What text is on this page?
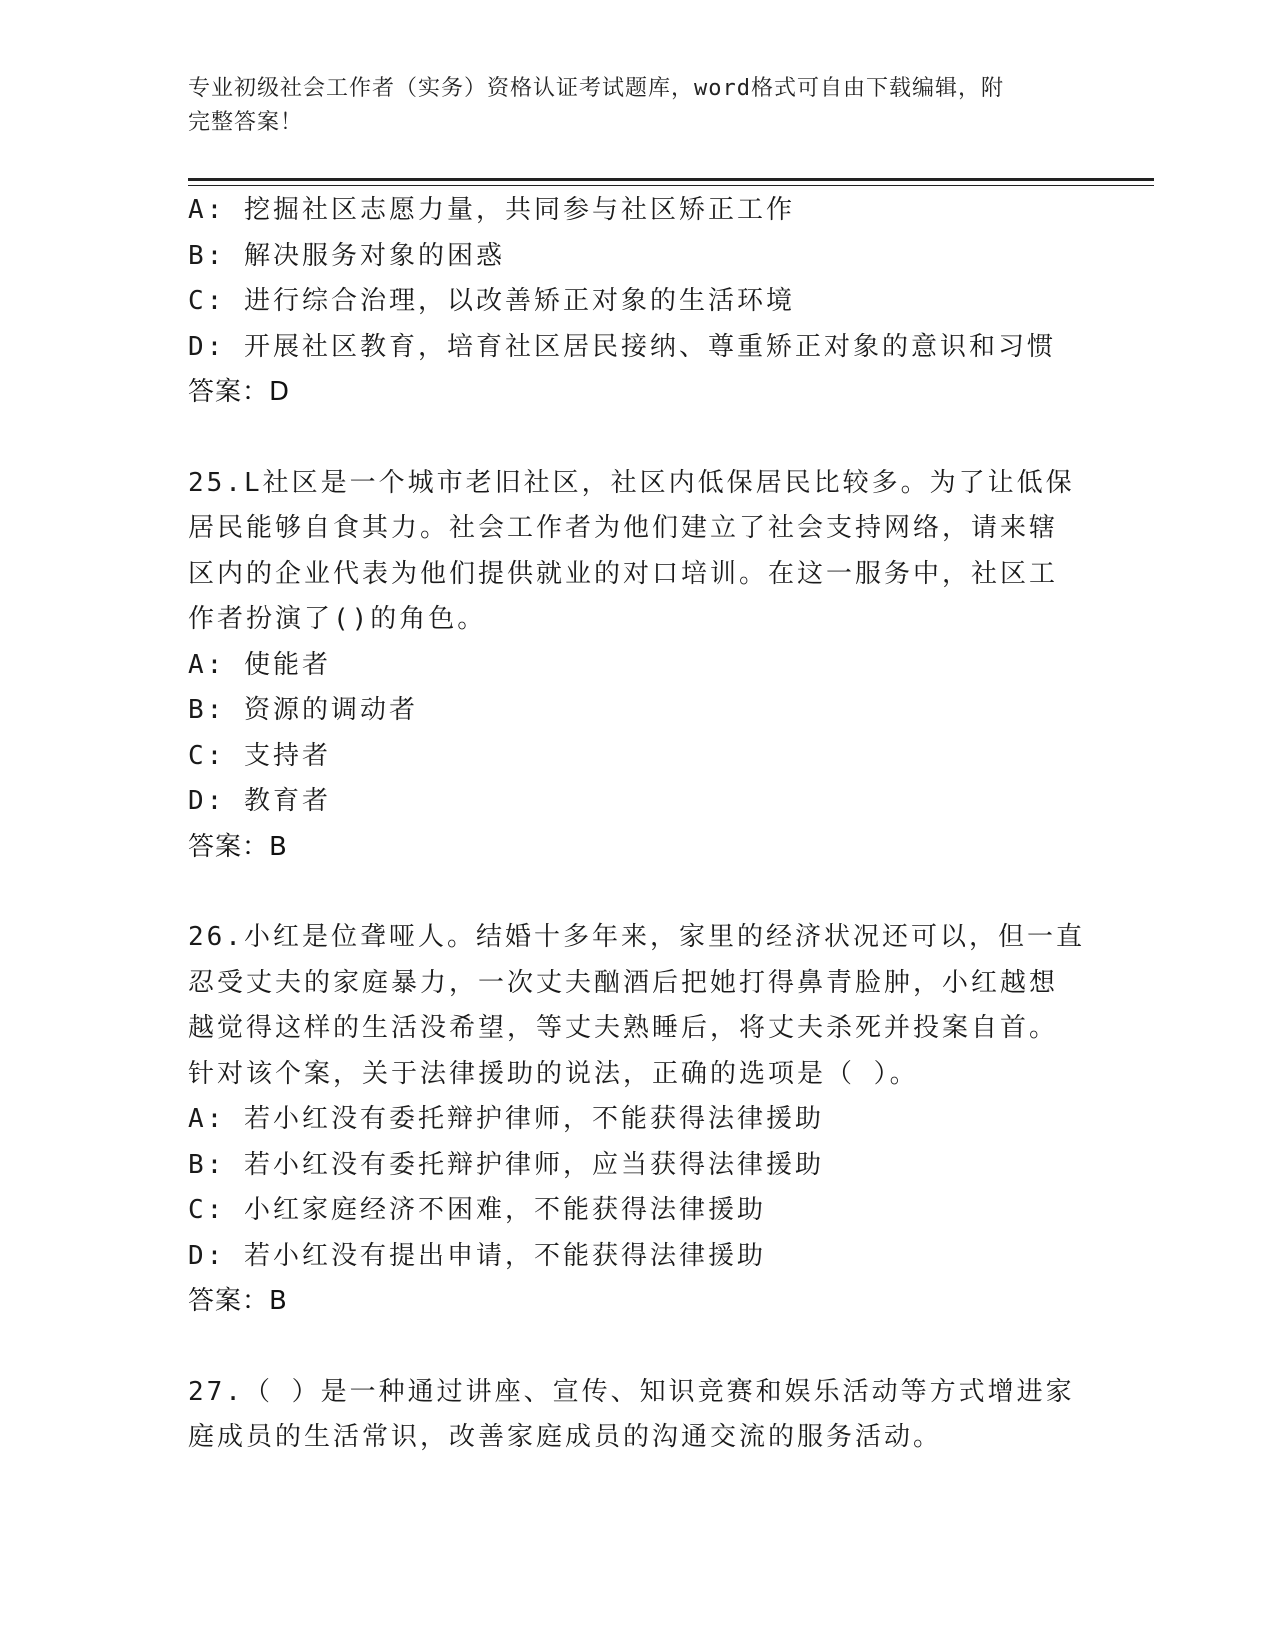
专业初级社会工作者（实务）资格认证考试题库，word格式可自由下载编辑，附
完整答案！
A: 挖掘社区志愿力量，共同参与社区矫正工作
B: 解决服务对象的困惑
C: 进行综合治理，以改善矫正对象的生活环境
D: 开展社区教育，培育社区居民接纳、尊重矫正对象的意识和习惯
答案：D
25.L社区是一个城市老旧社区，社区内低保居民比较多。为了让低保
居民能够自食其力。社会工作者为他们建立了社会支持网络，请来辖
区内的企业代表为他们提供就业的对口培训。在这一服务中，社区工
作者扮演了()的角色。
A: 使能者
B: 资源的调动者
C: 支持者
D: 教育者
答案：B
26.小红是位聋哑人。结婚十多年来，家里的经济状况还可以，但一直
忍受丈夫的家庭暴力，一次丈夫酗酒后把她打得鼻青脸肿，小红越想
越觉得这样的生活没希望，等丈夫熟睡后，将丈夫杀死并投案自首。
针对该个案，关于法律援助的说法，正确的选项是（ ）。
A: 若小红没有委托辩护律师，不能获得法律援助
B: 若小红没有委托辩护律师，应当获得法律援助
C: 小红家庭经济不困难，不能获得法律援助
D: 若小红没有提出申请，不能获得法律援助
答案：B
27.（ ）是一种通过讲座、宣传、知识竞赛和娱乐活动等方式增进家
庭成员的生活常识，改善家庭成员的沟通交流的服务活动。
